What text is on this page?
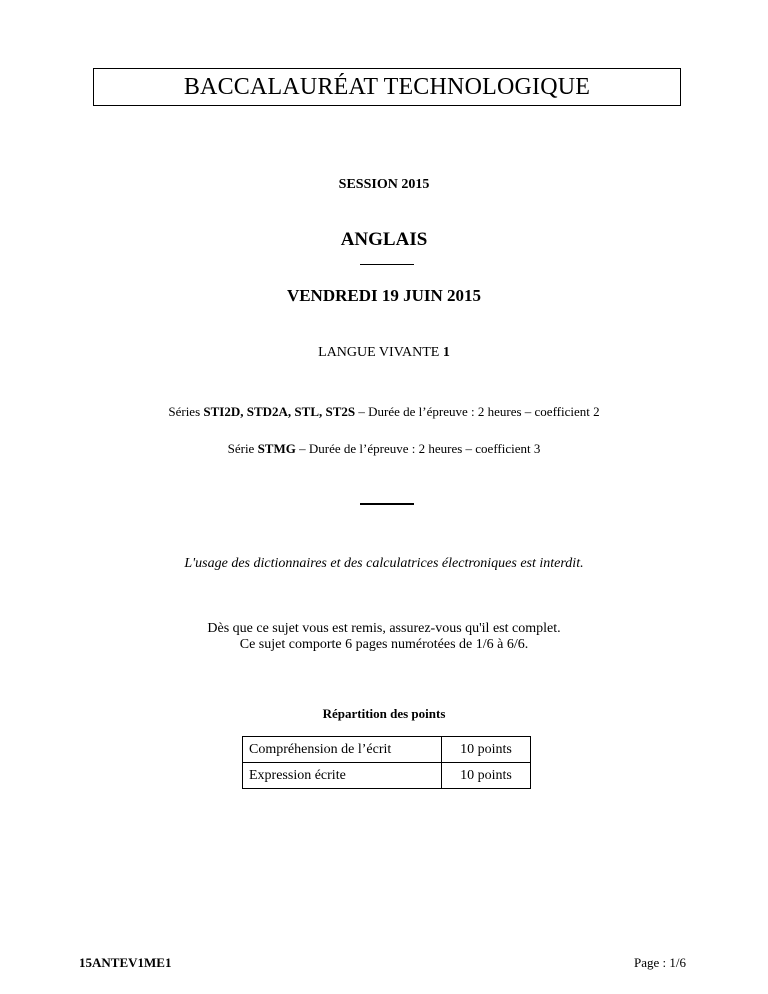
BACCALAURÉAT TECHNOLOGIQUE
SESSION 2015
ANGLAIS
VENDREDI 19 JUIN 2015
LANGUE VIVANTE 1
Séries STI2D, STD2A, STL, ST2S – Durée de l’épreuve : 2 heures – coefficient 2
Série STMG – Durée de l’épreuve : 2 heures – coefficient 3
L'usage des dictionnaires et des calculatrices électroniques est interdit.
Dès que ce sujet vous est remis, assurez-vous qu'il est complet.
Ce sujet comporte 6 pages numérotées de 1/6 à 6/6.
Répartition des points
Compréhension de l’écrit	10 points
Expression écrite	10 points
15ANTEV1ME1	Page : 1/6
